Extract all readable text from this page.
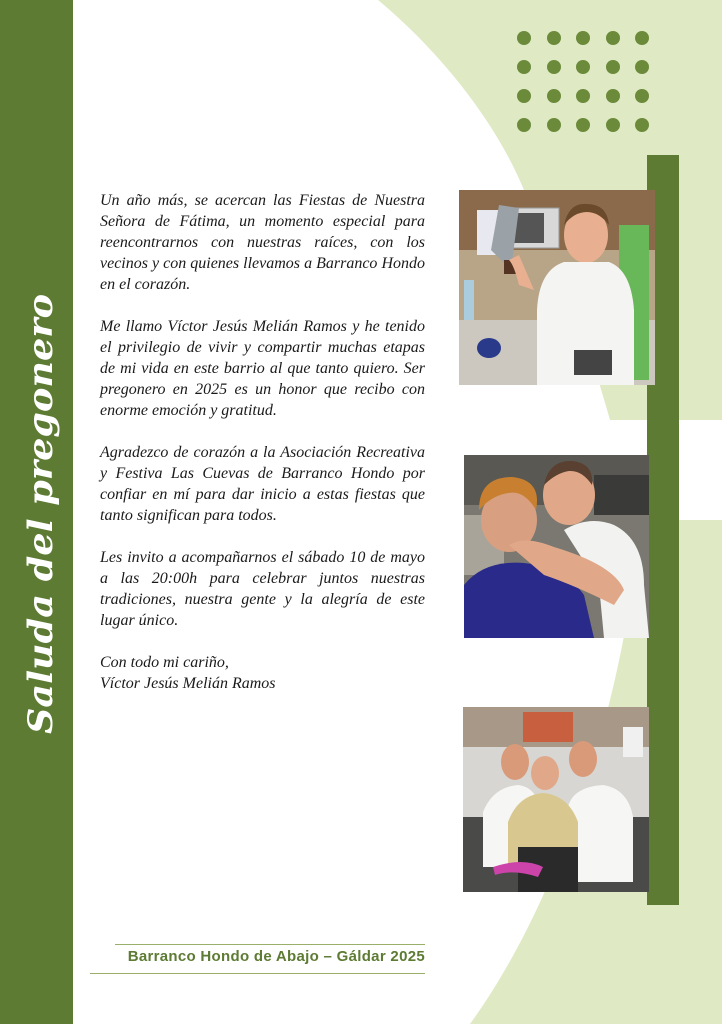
Saluda del pregonero

Un año más, se acercan las Fiestas de Nuestra Señora de Fátima, un momento especial para reencontrarnos con nuestras raíces, con los vecinos y con quienes llevamos a Barranco Hondo en el corazón.

Me llamo Víctor Jesús Melián Ramos y he tenido el privilegio de vivir y compartir muchas etapas de mi vida en este barrio al que tanto quiero. Ser pregonero en 2025 es un honor que recibo con enorme emoción y gratitud.

Agradezco de corazón a la Asociación Recreativa y Festiva Las Cuevas de Barranco Hondo por confiar en mí para dar inicio a estas fiestas que tanto significan para todos.

Les invito a acompañarnos el sábado 10 de mayo a las 20:00h para celebrar juntos nuestras tradiciones, nuestra gente y la alegría de este lugar único.

Con todo mi cariño,
Víctor Jesús Melián Ramos
Barranco Hondo de Abajo – Gáldar 2025
